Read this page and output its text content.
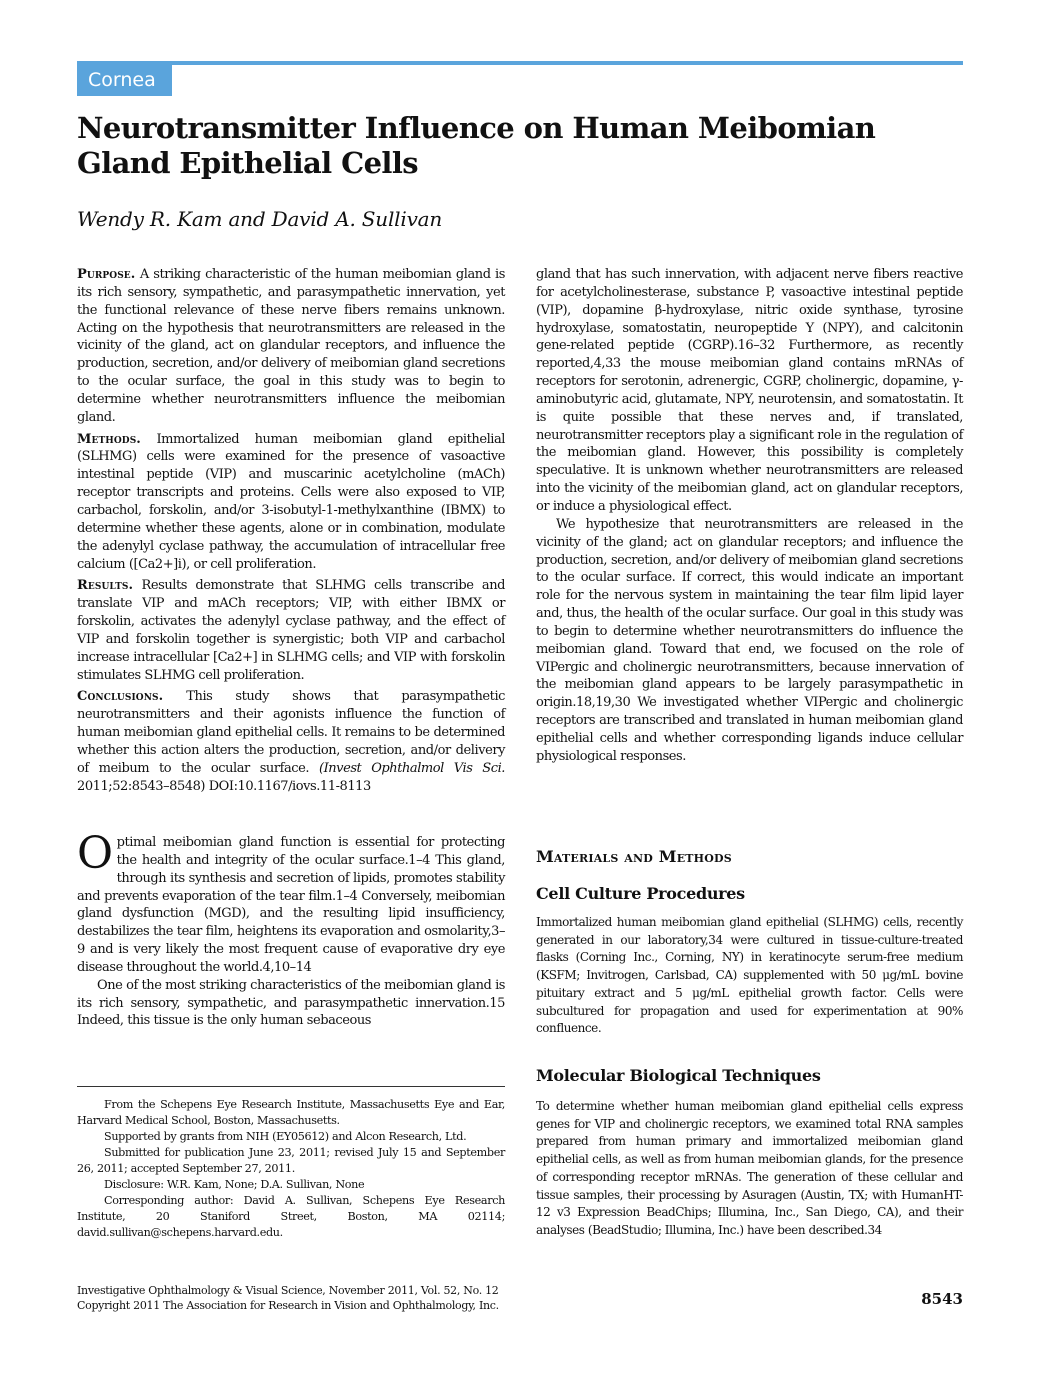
Cornea
Neurotransmitter Influence on Human Meibomian Gland Epithelial Cells
Wendy R. Kam and David A. Sullivan

Purpose. A striking characteristic of the human meibomian gland is its rich sensory, sympathetic, and parasympathetic innervation, yet the functional relevance of these nerve fibers remains unknown. Acting on the hypothesis that neurotransmitters are released in the vicinity of the gland, act on glandular receptors, and influence the production, secretion, and/or delivery of meibomian gland secretions to the ocular surface, the goal in this study was to begin to determine whether neurotransmitters influence the meibomian gland.

Methods. Immortalized human meibomian gland epithelial (SLHMG) cells were examined for the presence of vasoactive intestinal peptide (VIP) and muscarinic acetylcholine (mACh) receptor transcripts and proteins. Cells were also exposed to VIP, carbachol, forskolin, and/or 3-isobutyl-1-methylxanthine (IBMX) to determine whether these agents, alone or in combination, modulate the adenylyl cyclase pathway, the accumulation of intracellular free calcium ([Ca2+]i), or cell proliferation.

Results. Results demonstrate that SLHMG cells transcribe and translate VIP and mACh receptors; VIP, with either IBMX or forskolin, activates the adenylyl cyclase pathway, and the effect of VIP and forskolin together is synergistic; both VIP and carbachol increase intracellular [Ca2+] in SLHMG cells; and VIP with forskolin stimulates SLHMG cell proliferation.

Conclusions. This study shows that parasympathetic neurotransmitters and their agonists influence the function of human meibomian gland epithelial cells. It remains to be determined whether this action alters the production, secretion, and/or delivery of meibum to the ocular surface. (Invest Ophthalmol Vis Sci. 2011;52:8543–8548) DOI:10.1167/iovs.11-8113

O ptimal meibomian gland function is essential for protecting the health and integrity of the ocular surface.1–4 This gland, through its synthesis and secretion of lipids, promotes stability and prevents evaporation of the tear film.1–4 Conversely, meibomian gland dysfunction (MGD), and the resulting lipid insufficiency, destabilizes the tear film, heightens its evaporation and osmolarity,3–9 and is very likely the most frequent cause of evaporative dry eye disease throughout the world.4,10–14

One of the most striking characteristics of the meibomian gland is its rich sensory, sympathetic, and parasympathetic innervation.15 Indeed, this tissue is the only human sebaceous

From the Schepens Eye Research Institute, Massachusetts Eye and Ear, Harvard Medical School, Boston, Massachusetts.

Supported by grants from NIH (EY05612) and Alcon Research, Ltd.

Submitted for publication June 23, 2011; revised July 15 and September 26, 2011; accepted September 27, 2011.

Disclosure: W.R. Kam, None; D.A. Sullivan, None

Corresponding author: David A. Sullivan, Schepens Eye Research Institute, 20 Staniford Street, Boston, MA 02114; david.sullivan@schepens.harvard.edu.

Investigative Ophthalmology & Visual Science, November 2011, Vol. 52, No. 12
Copyright 2011 The Association for Research in Vision and Ophthalmology, Inc.	8543

gland that has such innervation, with adjacent nerve fibers reactive for acetylcholinesterase, substance P, vasoactive intestinal peptide (VIP), dopamine β-hydroxylase, nitric oxide synthase, tyrosine hydroxylase, somatostatin, neuropeptide Y (NPY), and calcitonin gene-related peptide (CGRP).16–32 Furthermore, as recently reported,4,33 the mouse meibomian gland contains mRNAs of receptors for serotonin, adrenergic, CGRP, cholinergic, dopamine, γ-aminobutyric acid, glutamate, NPY, neurotensin, and somatostatin. It is quite possible that these nerves and, if translated, neurotransmitter receptors play a significant role in the regulation of the meibomian gland. However, this possibility is completely speculative. It is unknown whether neurotransmitters are released into the vicinity of the meibomian gland, act on glandular receptors, or induce a physiological effect.

We hypothesize that neurotransmitters are released in the vicinity of the gland; act on glandular receptors; and influence the production, secretion, and/or delivery of meibomian gland secretions to the ocular surface. If correct, this would indicate an important role for the nervous system in maintaining the tear film lipid layer and, thus, the health of the ocular surface. Our goal in this study was to begin to determine whether neurotransmitters do influence the meibomian gland. Toward that end, we focused on the role of VIPergic and cholinergic neurotransmitters, because innervation of the meibomian gland appears to be largely parasympathetic in origin.18,19,30 We investigated whether VIPergic and cholinergic receptors are transcribed and translated in human meibomian gland epithelial cells and whether corresponding ligands induce cellular physiological responses.

Materials and Methods
Cell Culture Procedures
Immortalized human meibomian gland epithelial (SLHMG) cells, recently generated in our laboratory,34 were cultured in tissue-culture-treated flasks (Corning Inc., Corning, NY) in keratinocyte serum-free medium (KSFM; Invitrogen, Carlsbad, CA) supplemented with 50 μg/mL bovine pituitary extract and 5 μg/mL epithelial growth factor. Cells were subcultured for propagation and used for experimentation at 90% confluence.
Molecular Biological Techniques
To determine whether human meibomian gland epithelial cells express genes for VIP and cholinergic receptors, we examined total RNA samples prepared from human primary and immortalized meibomian gland epithelial cells, as well as from human meibomian glands, for the presence of corresponding receptor mRNAs. The generation of these cellular and tissue samples, their processing by Asuragen (Austin, TX; with HumanHT-12 v3 Expression BeadChips; Illumina, Inc., San Diego, CA), and their analyses (BeadStudio; Illumina, Inc.) have been described.34
